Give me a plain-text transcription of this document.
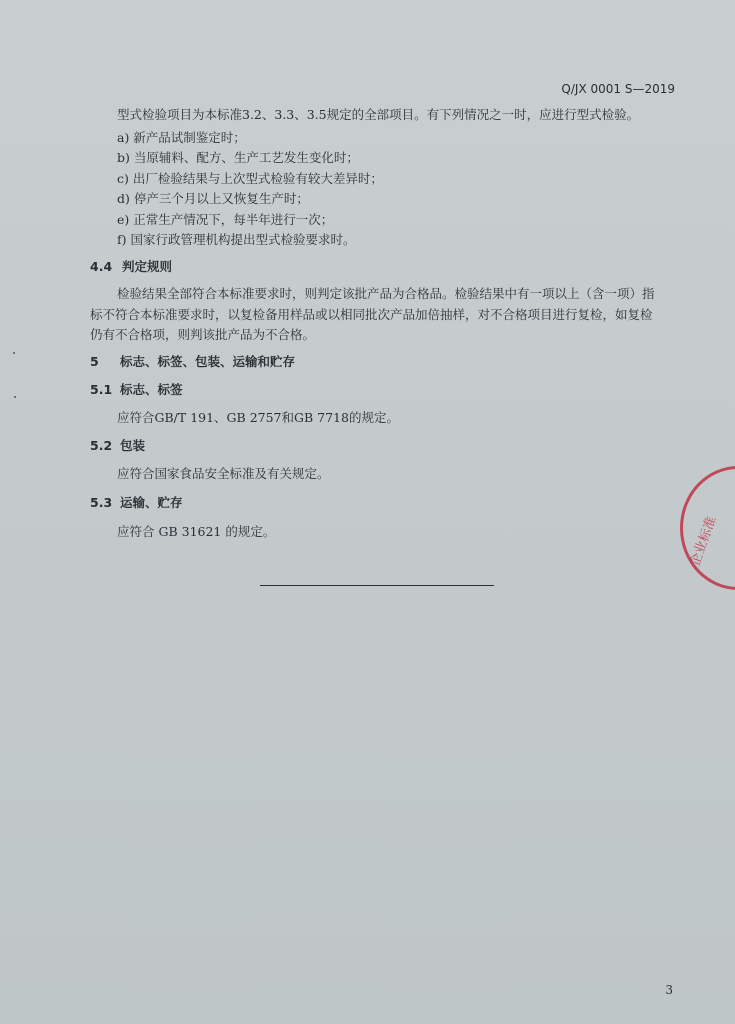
Q/JX 0001 S—2019
型式检验项目为本标准3.2、3.3、3.5规定的全部项目。有下列情况之一时，应进行型式检验。
a) 新产品试制鉴定时；
b) 当原辅料、配方、生产工艺发生变化时；
c) 出厂检验结果与上次型式检验有较大差异时；
d) 停产三个月以上又恢复生产时；
e) 正常生产情况下，每半年进行一次；
f) 国家行政管理机构提出型式检验要求时。
4.4 判定规则
检验结果全部符合本标准要求时，则判定该批产品为合格品。检验结果中有一项以上（含一项）指
标不符合本标准要求时，以复检备用样品或以相同批次产品加倍抽样，对不合格项目进行复检，如复检
仍有不合格项，则判该批产品为不合格。
5 标志、标签、包装、运输和贮存
5.1 标志、标签
应符合GB/T 191、GB 2757和GB 7718的规定。
5.2 包装
应符合国家食品安全标准及有关规定。
5.3 运输、贮存
应符合 GB 31621 的规定。	企业标准
3
